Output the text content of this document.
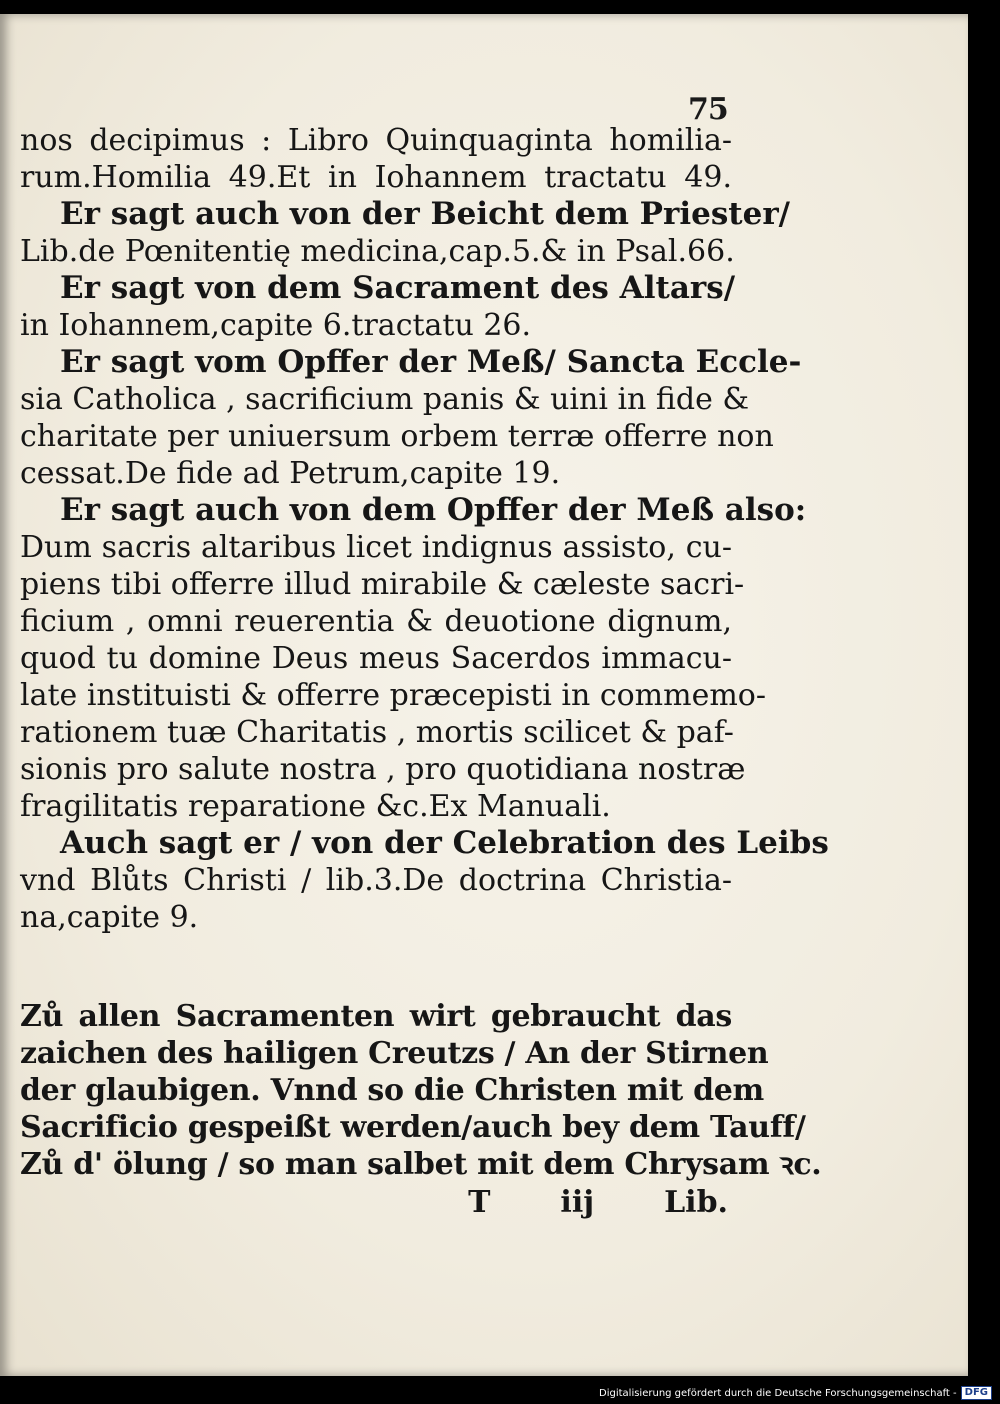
75
nos decipimus : Libro Quinquaginta homilia-
rum.Homilia 49.Et in Iohannem tractatu 49.
Er sagt auch von der Beicht dem Priester/
Lib.de Pœnitentię medicina,cap.5.& in Psal.66.
Er sagt von dem Sacrament des Altars/
in Iohannem,capite 6.tractatu 26.
Er sagt vom Opffer der Meß/ Sancta Eccle-
sia Catholica , sacrificium panis & uini in fide &
charitate per uniuersum orbem terræ offerre non
cessat.De fide ad Petrum,capite 19.
Er sagt auch von dem Opffer der Meß also:
Dum sacris altaribus licet indignus assisto, cu-
piens tibi offerre illud mirabile & cæleste sacri-
ficium , omni reuerentia & deuotione dignum,
quod tu domine Deus meus Sacerdos immacu-
late instituisti & offerre præcepisti in commemo-
rationem tuæ Charitatis , mortis scilicet & paf-
sionis pro salute nostra , pro quotidiana nostræ
fragilitatis reparatione &c.Ex Manuali.
Auch sagt er / von der Celebration des Leibs
vnd Blůts Christi / lib.3.De doctrina Christia-
na,capite 9.
Zů allen Sacramenten wirt gebraucht das
zaichen des hailigen Creutzs / An der Stirnen
der glaubigen. Vnnd so die Christen mit dem
Sacrificio gespeißt werden/auch bey dem Tauff/
Zů d' ölung / so man salbet mit dem Chrysam ꝛc.
T iij Lib.
Digitalisierung gefördert durch die Deutsche Forschungsgemeinschaft - DFG
